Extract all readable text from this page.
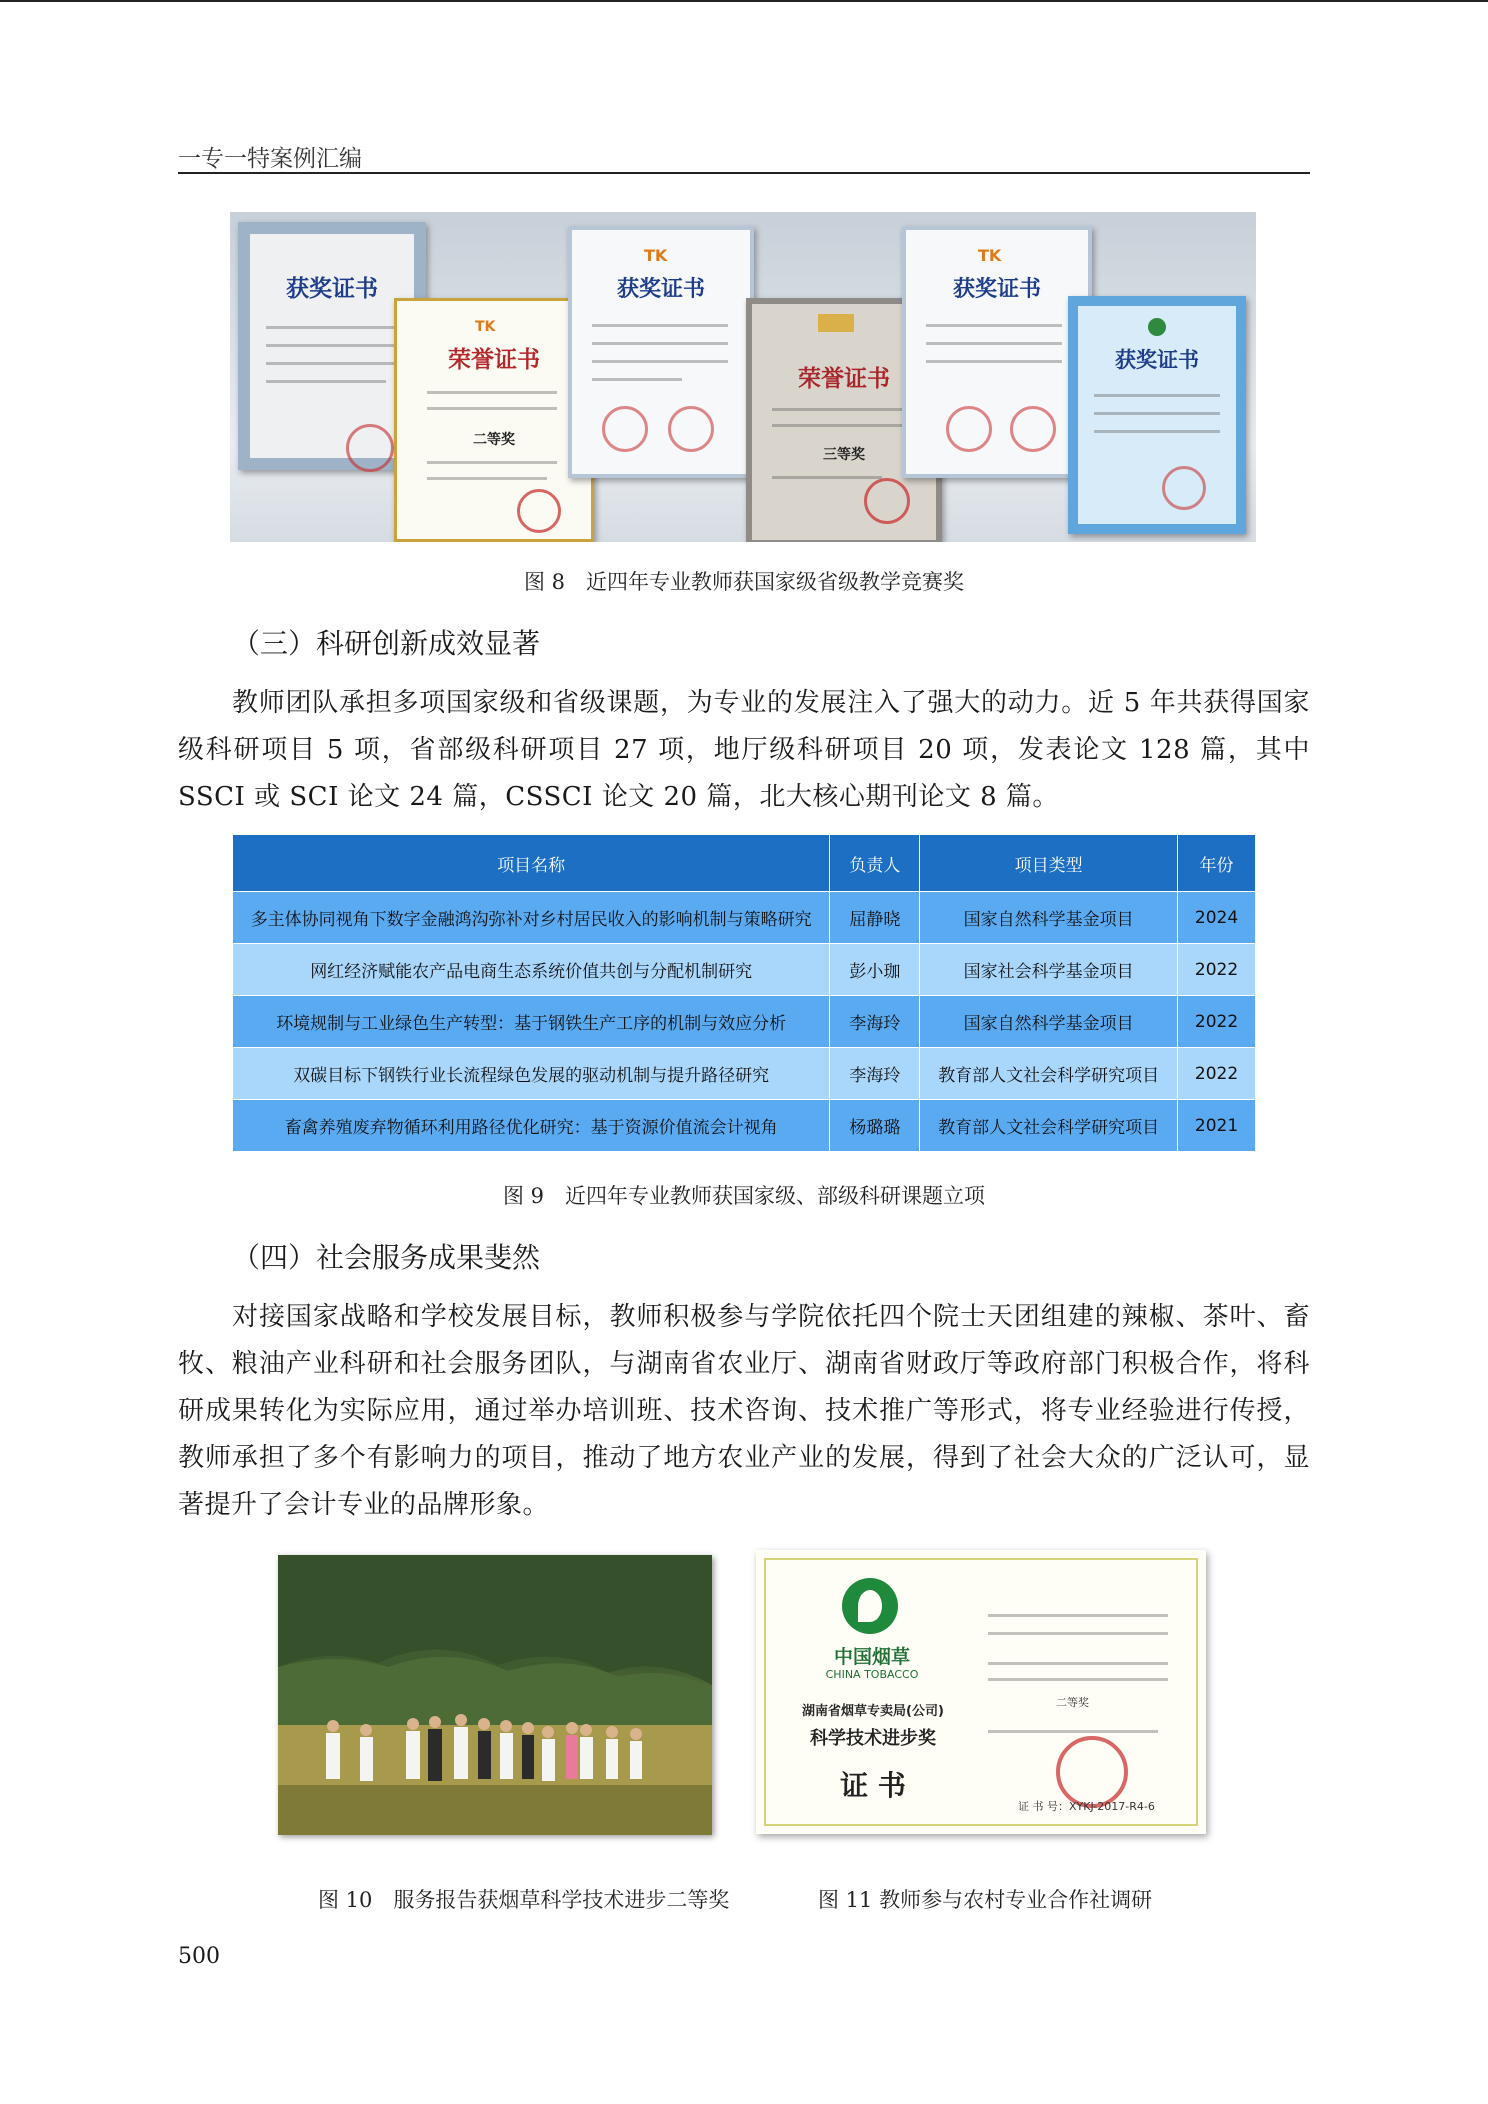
一专一特案例汇编
获奖证书
TK
荣誉证书
二等奖
TK
获奖证书
荣誉证书
三等奖
TK
获奖证书
获奖证书
图 8　近四年专业教师获国家级省级教学竞赛奖
（三）科研创新成效显著
教师团队承担多项国家级和省级课题，为专业的发展注入了强大的动力。近 5 年共获得国家级科研项目 5 项，省部级科研项目 27 项，地厅级科研项目 20 项，发表论文 128 篇，其中 SSCI 或 SCI 论文 24 篇，CSSCI 论文 20 篇，北大核心期刊论文 8 篇。
项目名称	负责人	项目类型	年份
多主体协同视角下数字金融鸿沟弥补对乡村居民收入的影响机制与策略研究	屈静晓	国家自然科学基金项目	2024
网红经济赋能农产品电商生态系统价值共创与分配机制研究	彭小珈	国家社会科学基金项目	2022
环境规制与工业绿色生产转型：基于钢铁生产工序的机制与效应分析	李海玲	国家自然科学基金项目	2022
双碳目标下钢铁行业长流程绿色发展的驱动机制与提升路径研究	李海玲	教育部人文社会科学研究项目	2022
畜禽养殖废弃物循环利用路径优化研究：基于资源价值流会计视角	杨璐璐	教育部人文社会科学研究项目	2021
图 9　近四年专业教师获国家级、部级科研课题立项
（四）社会服务成果斐然
对接国家战略和学校发展目标，教师积极参与学院依托四个院士天团组建的辣椒、茶叶、畜牧、粮油产业科研和社会服务团队，与湖南省农业厅、湖南省财政厅等政府部门积极合作，将科研成果转化为实际应用，通过举办培训班、技术咨询、技术推广等形式，将专业经验进行传授，教师承担了多个有影响力的项目，推动了地方农业产业的发展，得到了社会大众的广泛认可，显著提升了会计专业的品牌形象。
中国烟草
CHINA TOBACCO
湖南省烟草专卖局(公司)
科学技术进步奖
证 书
二等奖
证 书 号：XYKJ-2017-R4-6
图 10　服务报告获烟草科学技术进步二等奖	图 11 教师参与农村专业合作社调研
500
